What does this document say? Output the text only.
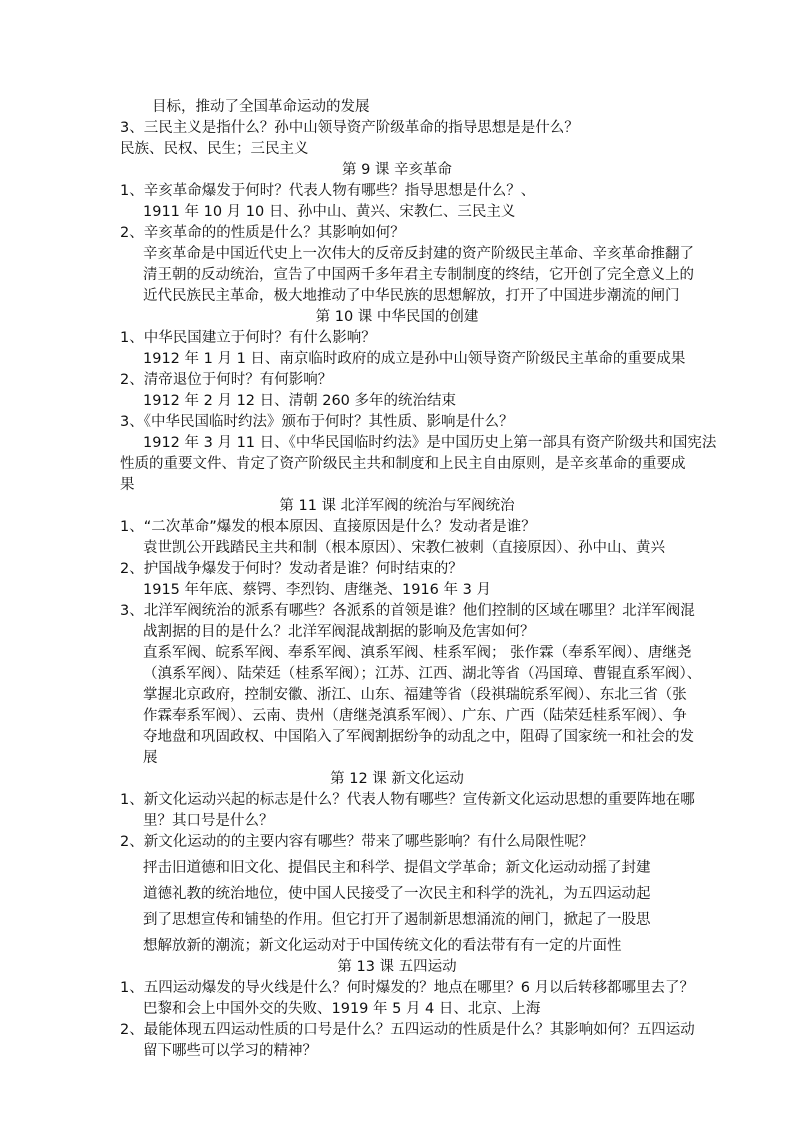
目标，推动了全国革命运动的发展
3、三民主义是指什么？孙中山领导资产阶级革命的指导思想是是什么？
民族、民权、民生；三民主义
第 9 课 辛亥革命
1、辛亥革命爆发于何时？代表人物有哪些？指导思想是什么？、
1911 年 10 月 10 日、孙中山、黄兴、宋教仁、三民主义
2、辛亥革命的的性质是什么？其影响如何？
辛亥革命是中国近代史上一次伟大的反帝反封建的资产阶级民主革命、辛亥革命推翻了
清王朝的反动统治，宣告了中国两千多年君主专制制度的终结，它开创了完全意义上的
近代民族民主革命，极大地推动了中华民族的思想解放，打开了中国进步潮流的闸门
第 10 课 中华民国的创建
1、中华民国建立于何时？有什么影响？
1912 年 1 月 1 日、南京临时政府的成立是孙中山领导资产阶级民主革命的重要成果
2、清帝退位于何时？有何影响？
1912 年 2 月 12 日、清朝 260 多年的统治结束
3、《中华民国临时约法》颁布于何时？其性质、影响是什么？
1912 年 3 月 11 日、《中华民国临时约法》是中国历史上第一部具有资产阶级共和国宪法
性质的重要文件、肯定了资产阶级民主共和制度和上民主自由原则，是辛亥革命的重要成
果
第 11 课 北洋军阀的统治与军阀统治
1、“二次革命”爆发的根本原因、直接原因是什么？发动者是谁？
袁世凯公开践踏民主共和制（根本原因）、宋教仁被刺（直接原因）、孙中山、黄兴
2、护国战争爆发于何时？发动者是谁？何时结束的？
1915 年年底、蔡锷、李烈钧、唐继尧、1916 年 3 月
3、北洋军阀统治的派系有哪些？各派系的首领是谁？他们控制的区域在哪里？北洋军阀混
战割据的目的是什么？北洋军阀混战割据的影响及危害如何？
直系军阀、皖系军阀、奉系军阀、滇系军阀、桂系军阀； 张作霖（奉系军阀）、唐继尧
（滇系军阀）、陆荣廷（桂系军阀）；江苏、江西、湖北等省（冯国璋、曹锟直系军阀）、
掌握北京政府，控制安徽、浙江、山东、福建等省（段祺瑞皖系军阀）、东北三省（张
作霖奉系军阀）、云南、贵州（唐继尧滇系军阀）、广东、广西（陆荣廷桂系军阀）、争
夺地盘和巩固政权、中国陷入了军阀割据纷争的动乱之中，阻碍了国家统一和社会的发
展
第 12 课 新文化运动
1、新文化运动兴起的标志是什么？代表人物有哪些？宣传新文化运动思想的重要阵地在哪
里？其口号是什么？
2、新文化运动的的主要内容有哪些？带来了哪些影响？有什么局限性呢？
抨击旧道德和旧文化、提倡民主和科学、提倡文学革命；新文化运动动摇了封建
道德礼教的统治地位，使中国人民接受了一次民主和科学的洗礼，为五四运动起
到了思想宣传和铺垫的作用。但它打开了遏制新思想涌流的闸门，掀起了一股思
想解放新的潮流；新文化运动对于中国传统文化的看法带有有一定的片面性
第 13 课 五四运动
1、五四运动爆发的导火线是什么？何时爆发的？地点在哪里？6 月以后转移都哪里去了？
巴黎和会上中国外交的失败、1919 年 5 月 4 日、北京、上海
2、最能体现五四运动性质的口号是什么？五四运动的性质是什么？其影响如何？五四运动
留下哪些可以学习的精神？
